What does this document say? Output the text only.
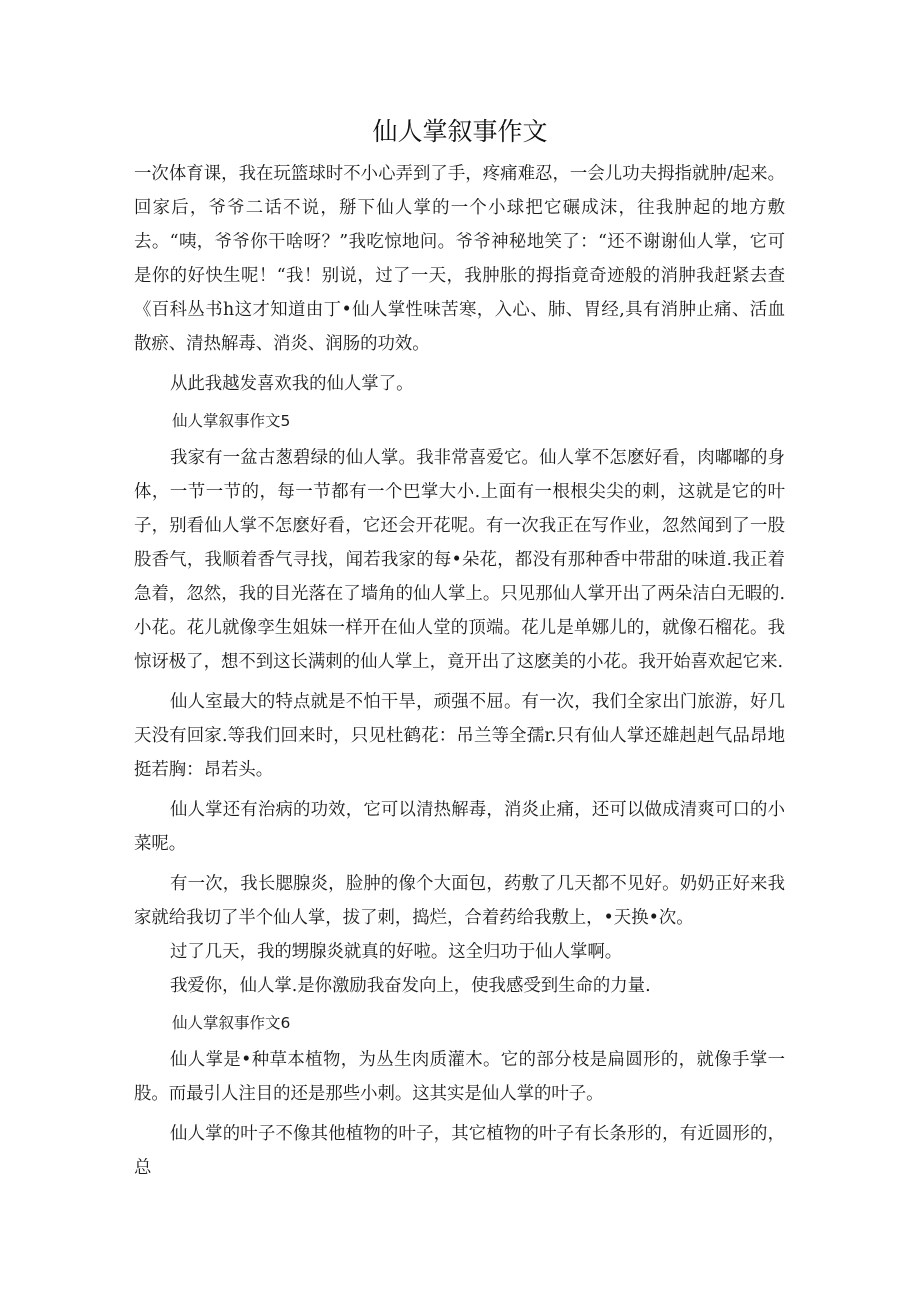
仙人掌叙事作文

一次体育课，我在玩篮球时不小心弄到了手，疼痛难忍，一会儿功夫拇指就肿/起来。回家后，爷爷二话不说，掰下仙人掌的一个小球把它碾成沫，往我肿起的地方敷去。“咦，爷爷你干啥呀？”我吃惊地问。爷爷神秘地笑了：“还不谢谢仙人掌，它可是你的好快生呢！“我！别说，过了一天，我肿胀的拇指竟奇迹般的消肿我赶紧去查《百科丛书h这才知道由丁•仙人掌性味苦寒，入心、肺、胃经,具有消肿止痛、活血散瘀、清热解毒、消炎、润肠的功效。

从此我越发喜欢我的仙人掌了。

仙人掌叙事作文5

我家有一盆古葱碧绿的仙人掌。我非常喜爱它。仙人掌不怎麽好看，肉嘟嘟的身体，一节一节的，每一节都有一个巴掌大小.上面有一根根尖尖的刺，这就是它的叶子，别看仙人掌不怎麽好看，它还会开花呢。有一次我正在写作业，忽然闻到了一股股香气，我顺着香气寻找，闻若我家的每•朵花，都没有那种香中带甜的味道.我正着急着，忽然，我的目光落在了墙角的仙人掌上。只见那仙人掌开出了两朵洁白无暇的.小花。花儿就像孪生姐妹一样开在仙人堂的顶端。花儿是单娜儿的，就像石榴花。我惊讶极了，想不到这长满刺的仙人掌上，竟开出了这麽美的小花。我开始喜欢起它来.

仙人室最大的特点就是不怕干旱，顽强不屈。有一次，我们全家出门旅游，好几天没有回家.等我们回来时，只见杜鹤花：吊兰等全孺r.只有仙人掌还雄赳赳气品昂地挺若胸：昂若头。

仙人掌还有治病的功效，它可以清热解毒，消炎止痛，还可以做成清爽可口的小菜呢。

有一次，我长腮腺炎，脸肿的像个大面包，药敷了几天都不见好。奶奶正好来我家就给我切了半个仙人掌，拔了刺，捣烂，合着药给我敷上，•天换•次。

过了几天，我的甥腺炎就真的好啦。这全归功于仙人掌啊。

我爱你，仙人掌.是你激励我奋发向上，使我感受到生命的力量.

仙人掌叙事作文6

仙人掌是•种草本植物，为丛生肉质灌木。它的部分枝是扁圆形的，就像手掌一股。而最引人注目的还是那些小刺。这其实是仙人掌的叶子。

仙人掌的叶子不像其他植物的叶子，其它植物的叶子有长条形的，有近圆形的，总
